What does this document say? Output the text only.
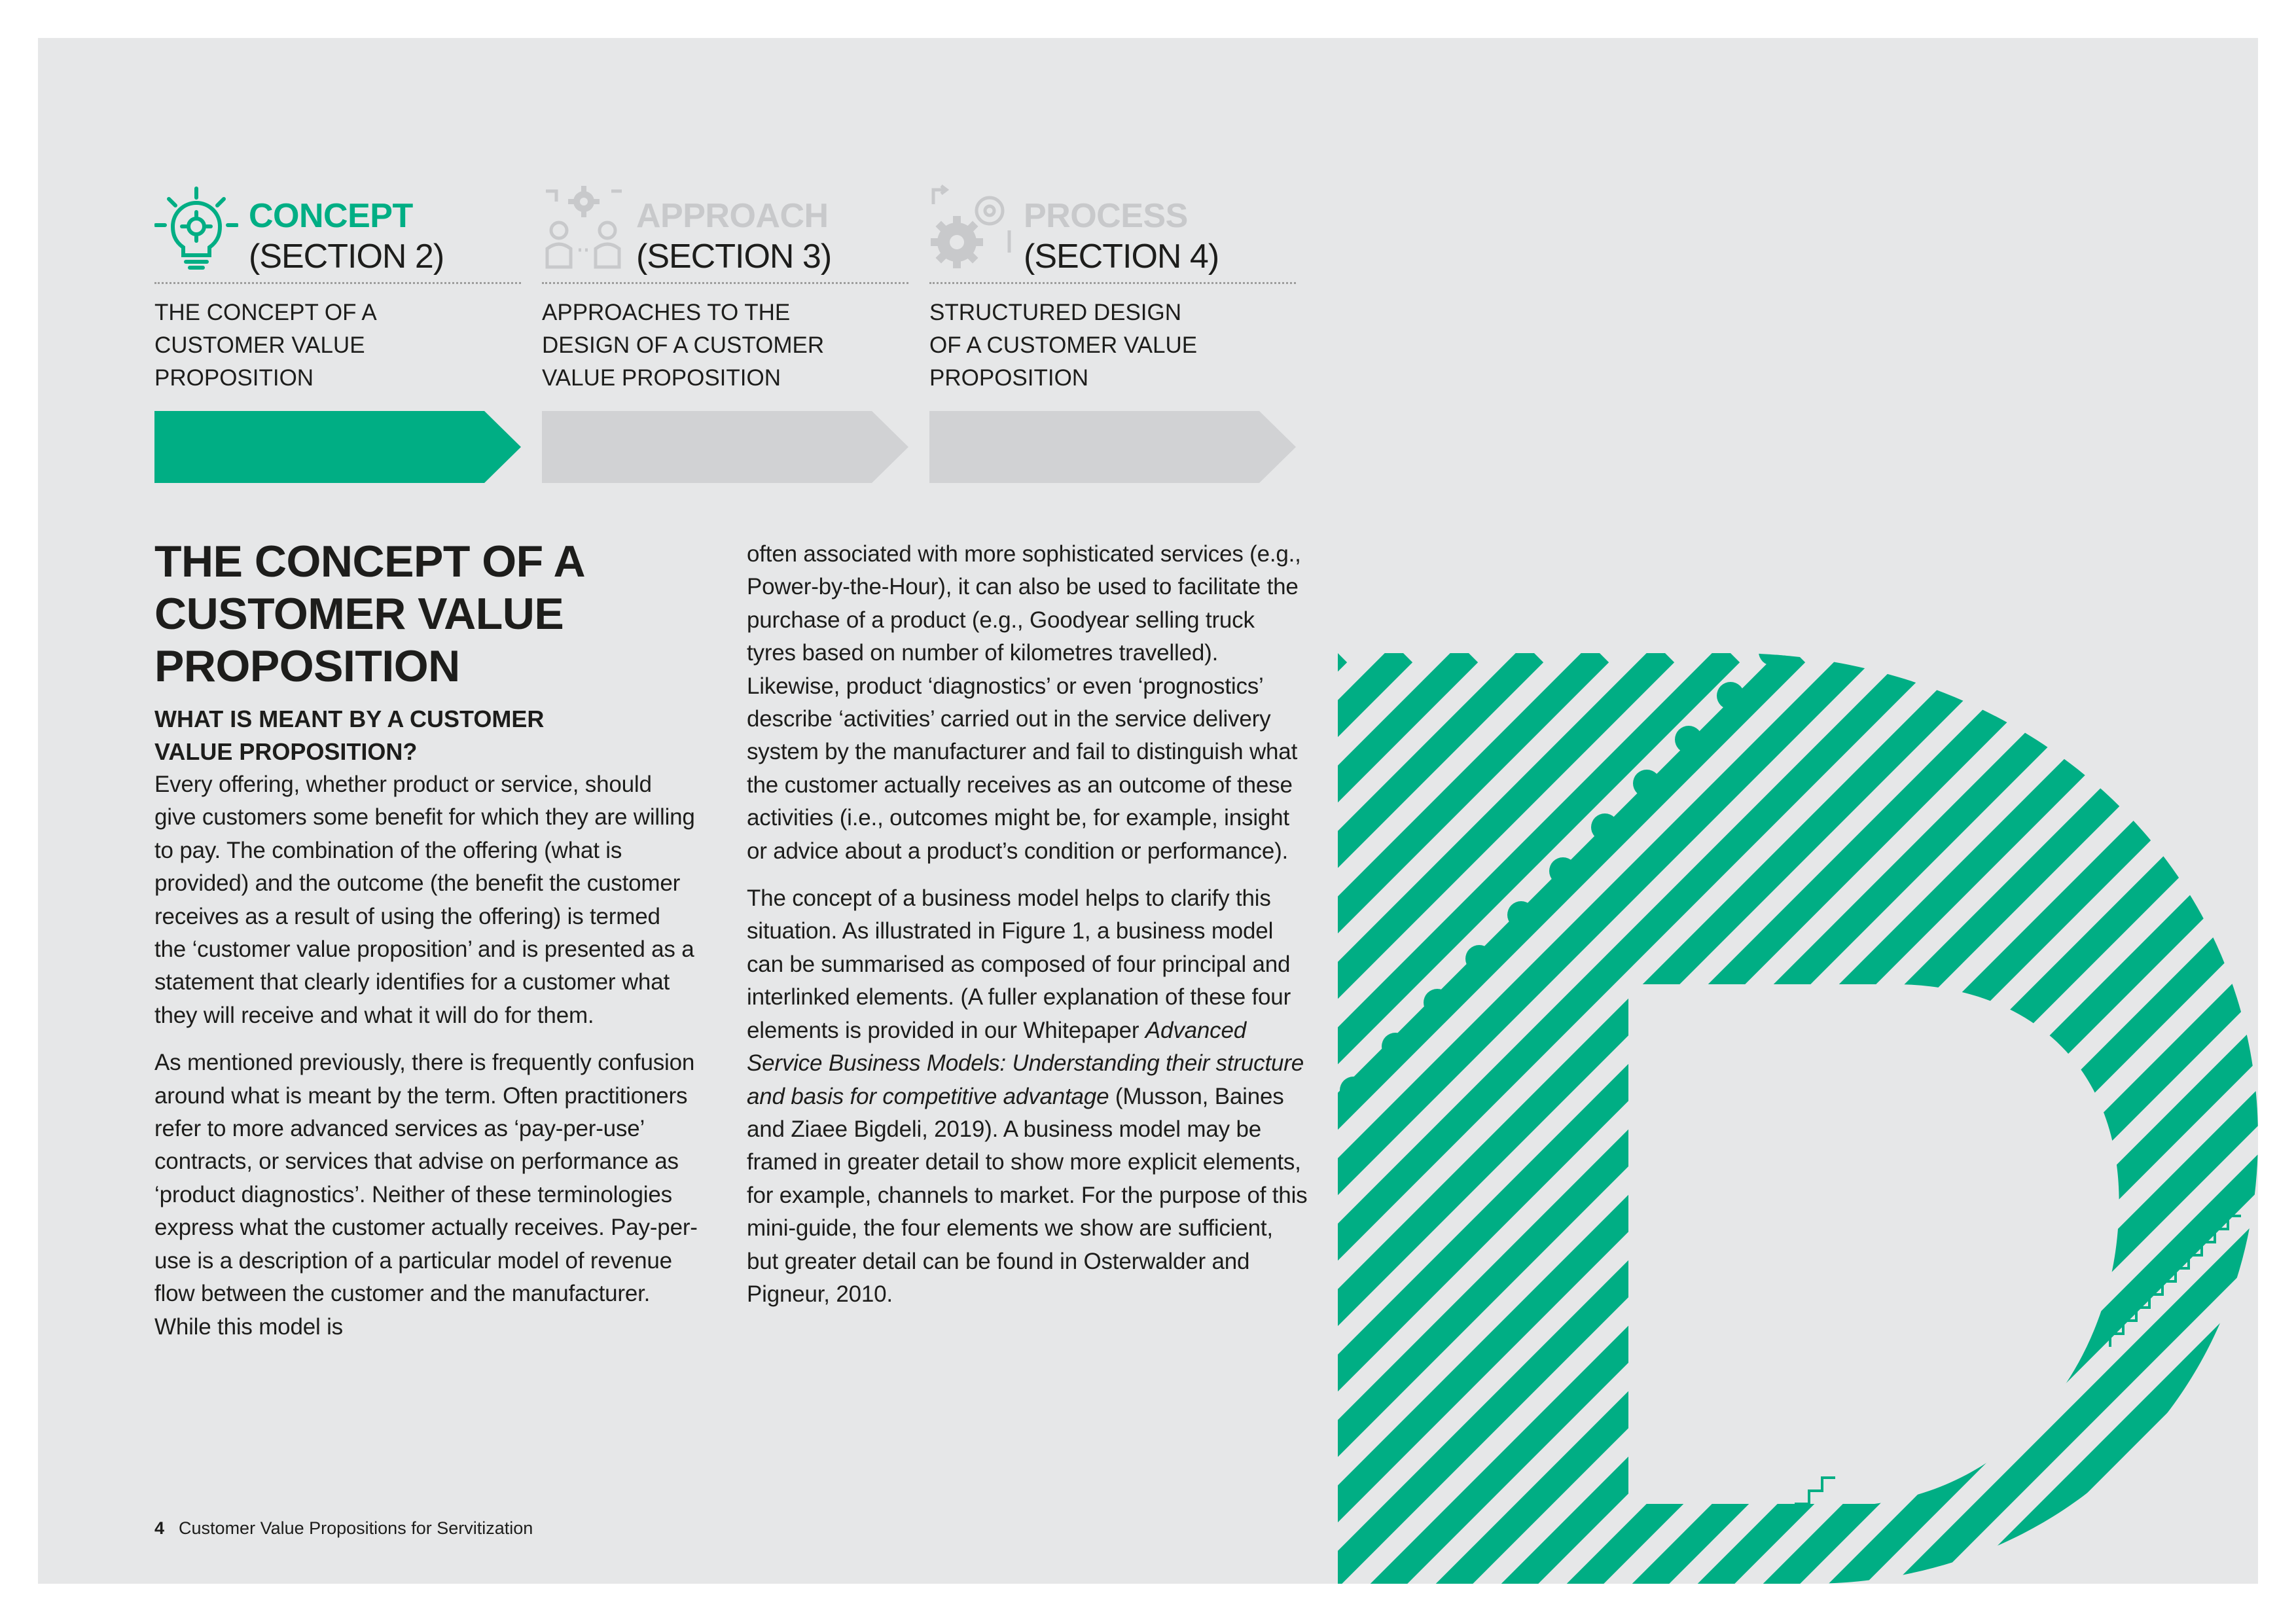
CONCEPT
(SECTION 2)
THE CONCEPT OF A
CUSTOMER VALUE
PROPOSITION
APPROACH
(SECTION 3)
APPROACHES TO THE
DESIGN OF A CUSTOMER
VALUE PROPOSITION
PROCESS
(SECTION 4)
STRUCTURED DESIGN
OF A CUSTOMER VALUE
PROPOSITION
THE CONCEPT OF A
CUSTOMER VALUE
PROPOSITION
WHAT IS MEANT BY A CUSTOMER
VALUE PROPOSITION?

Every offering, whether product or service, should give customers some benefit for which they are willing to pay. The combination of the offering (what is provided) and the outcome (the benefit the customer receives as a result of using the offering) is termed the ‘customer value proposition’ and is presented as a statement that clearly identifies for a customer what they will receive and what it will do for them.

As mentioned previously, there is frequently confusion around what is meant by the term. Often practitioners refer to more advanced services as ‘pay-per-use’ contracts, or services that advise on performance as ‘product diagnostics’. Neither of these terminologies express what the customer actually receives. Pay-per-use is a description of a particular model of revenue flow between the customer and the manufacturer. While this model is

often associated with more sophisticated services (e.g., Power-by-the-Hour), it can also be used to facilitate the purchase of a product (e.g., Goodyear selling truck tyres based on number of kilometres travelled). Likewise, product ‘diagnostics’ or even ‘prognostics’ describe ‘activities’ carried out in the service delivery system by the manufacturer and fail to distinguish what the customer actually receives as an outcome of these activities (i.e., outcomes might be, for example, insight or advice about a product’s condition or performance).

The concept of a business model helps to clarify this situation. As illustrated in Figure 1, a business model can be summarised as composed of four principal and interlinked elements. (A fuller explanation of these four elements is provided in our Whitepaper Advanced Service Business Models: Understanding their structure and basis for competitive advantage (Musson, Baines and Ziaee Bigdeli, 2019). A business model may be framed in greater detail to show more explicit elements, for example, channels to market. For the purpose of this mini-guide, the four elements we show are sufficient, but greater detail can be found in Osterwalder and Pigneur, 2010.

4 Customer Value Propositions for Servitization
